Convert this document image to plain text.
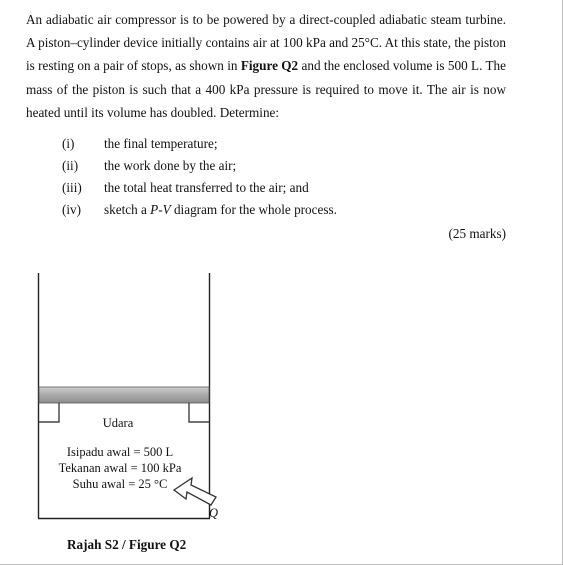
An adiabatic air compressor is to be powered by a direct-coupled adiabatic steam turbine. A piston–cylinder device initially contains air at 100 kPa and 25°C. At this state, the piston is resting on a pair of stops, as shown in Figure Q2 and the enclosed volume is 500 L. The mass of the piston is such that a 400 kPa pressure is required to move it. The air is now heated until its volume has doubled. Determine:

(i) the final temperature;
(ii) the work done by the air;
(iii) the total heat transferred to the air; and
(iv) sketch a P-V diagram for the whole process.
(25 marks)
Udara
Isipadu awal = 500 L
Tekanan awal = 100 kPa
Suhu awal = 25 °C
Q
Rajah S2 / Figure Q2
